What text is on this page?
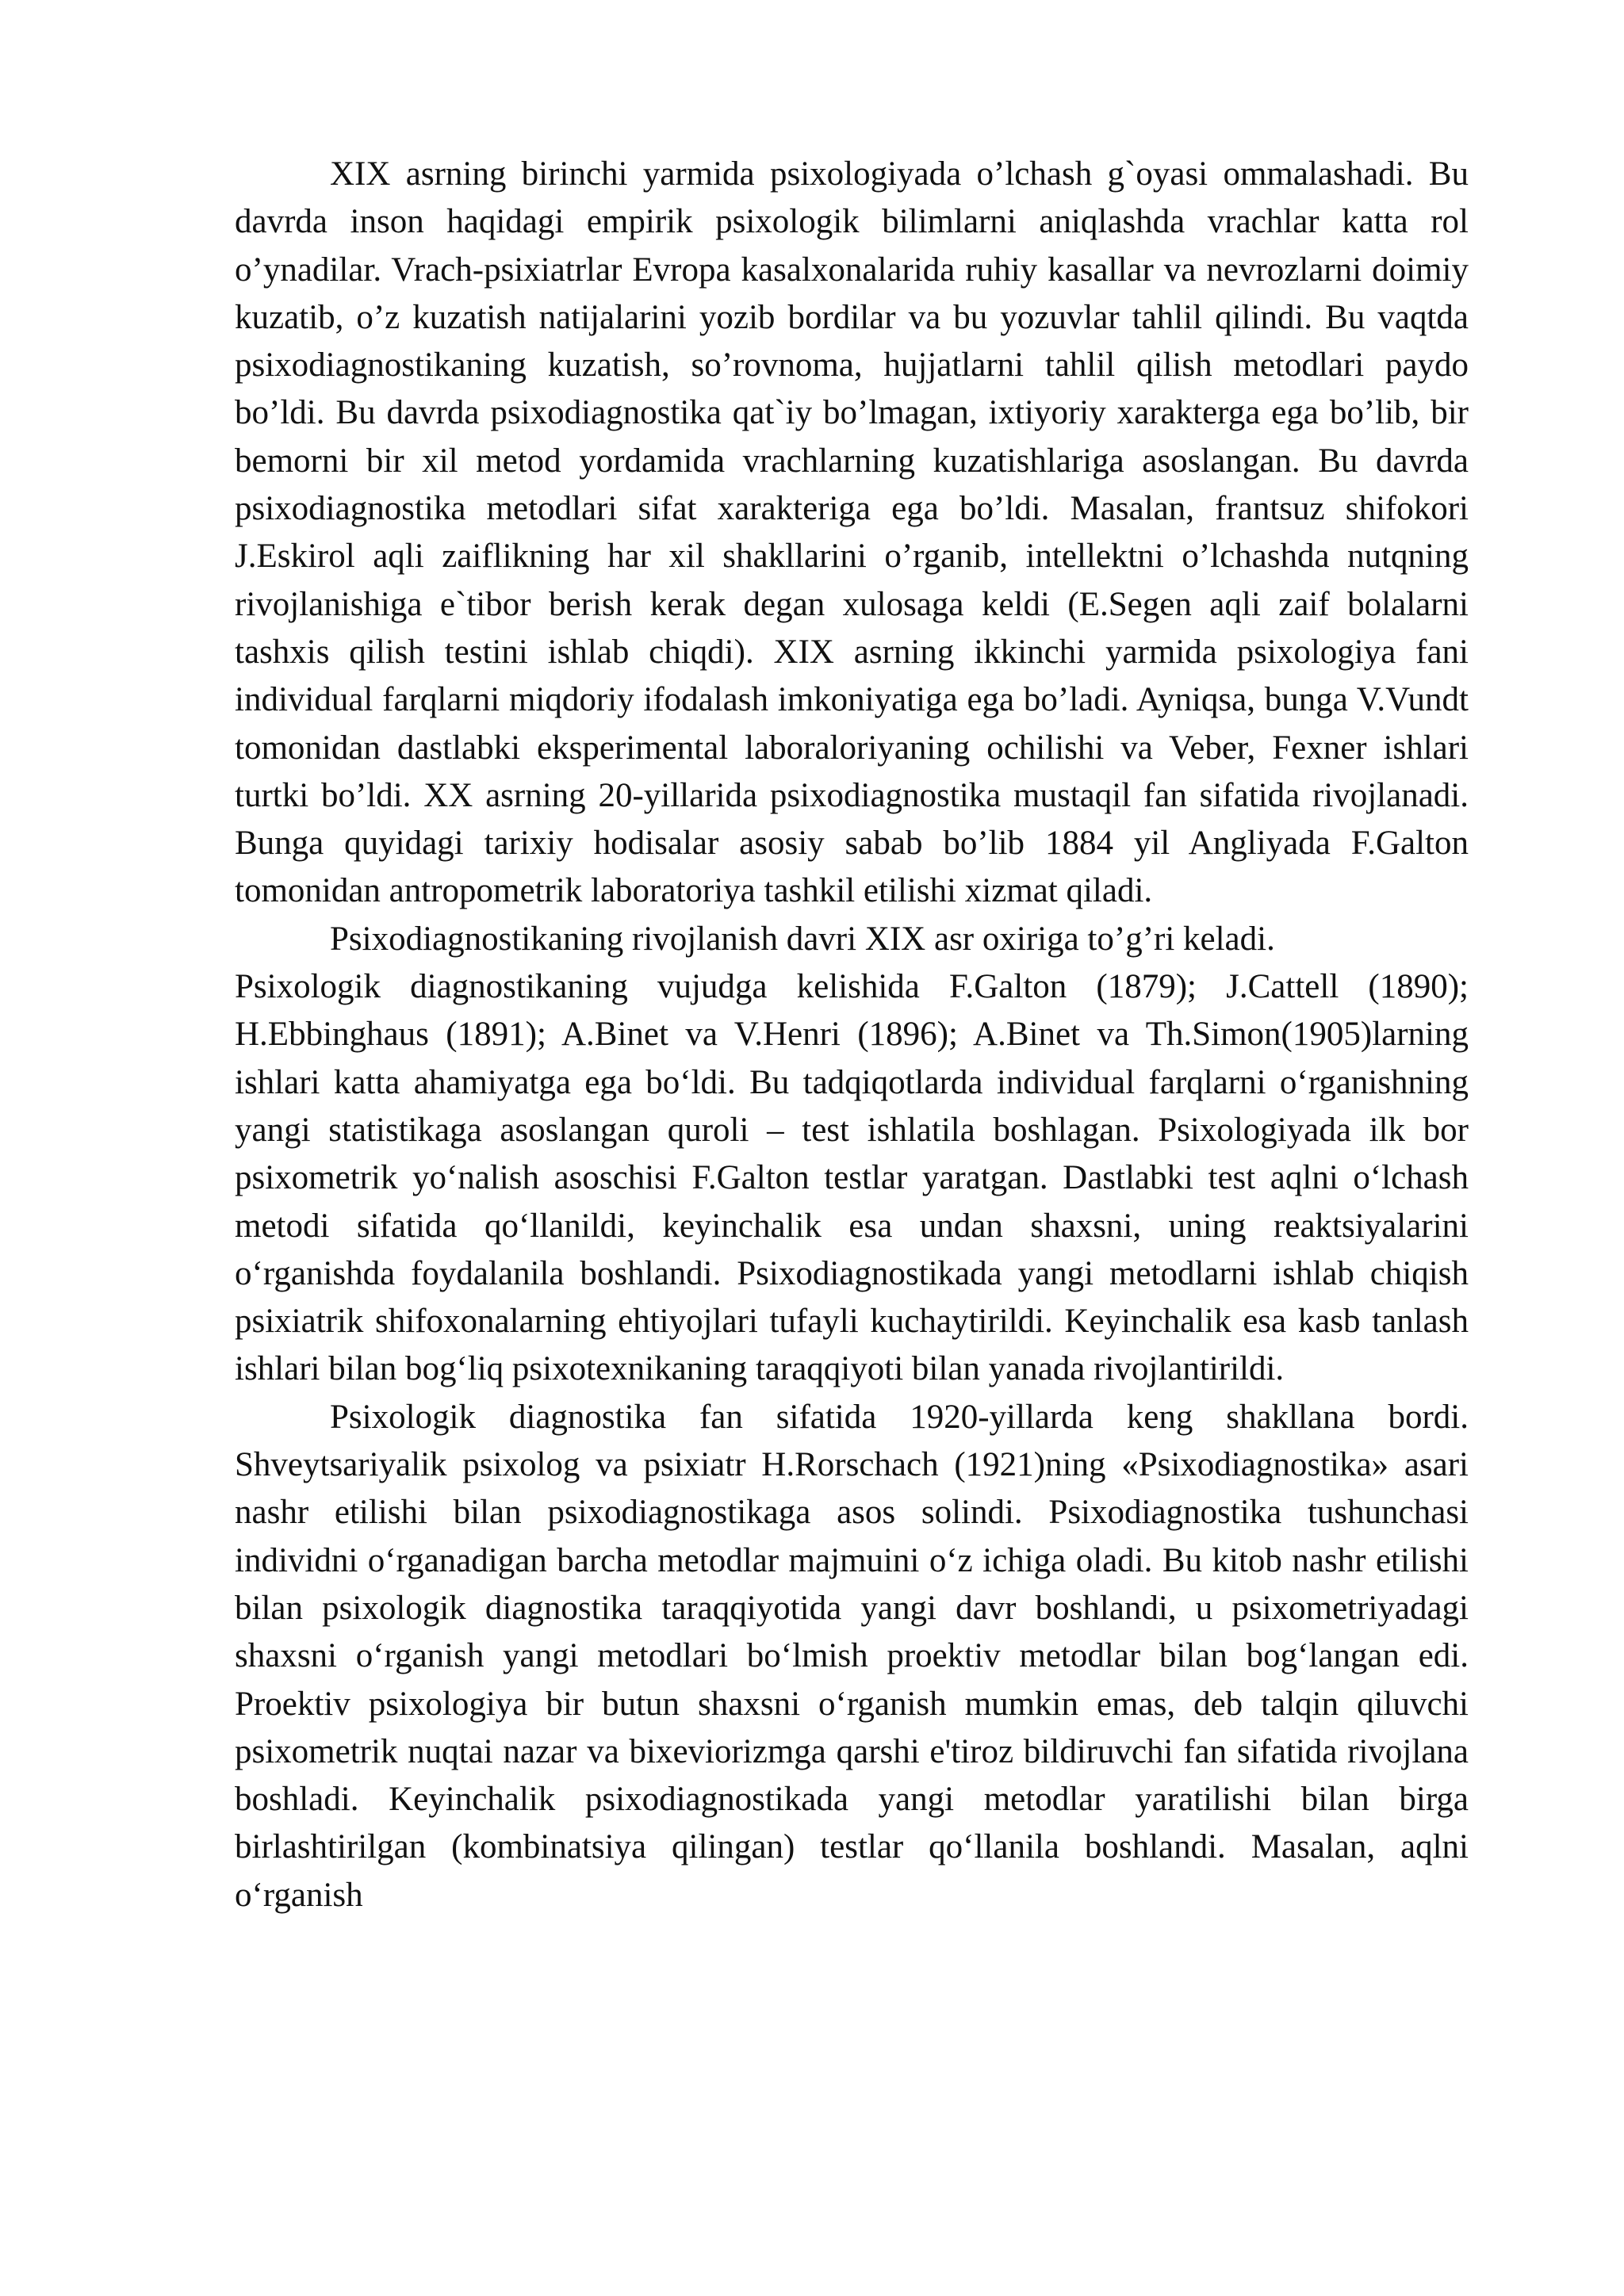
XIX asrning birinchi yarmida psixologiyada o’lchash g`oyasi ommalashadi. Bu davrda inson haqidagi empirik psixologik bilimlarni aniqlashda vrachlar katta rol o’ynadilar. Vrach-psixiatrlar Evropa kasalxonalarida ruhiy kasallar va nevrozlarni doimiy kuzatib, o’z kuzatish natijalarini yozib bordilar va bu yozuvlar tahlil qilindi. Bu vaqtda psixodiagnostikaning kuzatish, so’rovnoma, hujjatlarni tahlil qilish metodlari paydo bo’ldi. Bu davrda psixodiagnostika qat`iy bo’lmagan, ixtiyoriy xarakterga ega bo’lib, bir bemorni bir xil metod yordamida vrachlarning kuzatishlariga asoslangan. Bu davrda psixodiagnostika metodlari sifat xarakteriga ega bo’ldi. Masalan, frantsuz shifokori J.Eskirol aqli zaiflikning har xil shakllarini o’rganib, intellektni o’lchashda nutqning rivojlanishiga e`tibor berish kerak degan xulosaga keldi (E.Segen aqli zaif bolalarni tashxis qilish testini ishlab chiqdi). XIX asrning ikkinchi yarmida psixologiya fani individual farqlarni miqdoriy ifodalash imkoniyatiga ega bo’ladi. Ayniqsa, bunga V.Vundt tomonidan dastlabki eksperimental laboraloriyaning ochilishi va Veber, Fexner ishlari turtki bo’ldi. XX asrning 20-yillarida psixodiagnostika mustaqil fan sifatida rivojlanadi. Bunga quyidagi tarixiy hodisalar asosiy sabab bo’lib 1884 yil Angliyada F.Galton tomonidan antropometrik laboratoriya tashkil etilishi xizmat qiladi.

Psixodiagnostikaning rivojlanish davri XIX asr oxiriga to’g’ri keladi.

Psixologik diagnostikaning vujudga kelishida F.Galton (1879); J.Cattell (1890); H.Ebbinghaus (1891); A.Binet va V.Henri (1896); A.Binet va Th.Simon(1905)larning ishlari katta ahamiyatga ega bo‘ldi. Bu tadqiqotlarda individual farqlarni o‘rganishning yangi statistikaga asoslangan quroli – test ishlatila boshlagan. Psixologiyada ilk bor psixometrik yo‘nalish asoschisi F.Galton testlar yaratgan. Dastlabki test aqlni o‘lchash metodi sifatida qo‘llanildi, keyinchalik esa undan shaxsni, uning reaktsiyalarini o‘rganishda foydalanila boshlandi. Psixodiagnostikada yangi metodlarni ishlab chiqish psixiatrik shifoxonalarning ehtiyojlari tufayli kuchaytirildi. Keyinchalik esa kasb tanlash ishlari bilan bog‘liq psixotexnikaning taraqqiyoti bilan yanada rivojlantirildi.

Psixologik diagnostika fan sifatida 1920-yillarda keng shakllana bordi. Shveytsariyalik psixolog va psixiatr H.Rorschach (1921)ning «Psixodiagnostika» asari nashr etilishi bilan psixodiagnostikaga asos solindi. Psixodiagnostika tushunchasi individni o‘rganadigan barcha metodlar majmuini o‘z ichiga oladi. Bu kitob nashr etilishi bilan psixologik diagnostika taraqqiyotida yangi davr boshlandi, u psixometriyadagi shaxsni o‘rganish yangi metodlari bo‘lmish proektiv metodlar bilan bog‘langan edi. Proektiv psixologiya bir butun shaxsni o‘rganish mumkin emas, deb talqin qiluvchi psixometrik nuqtai nazar va bixeviorizmga qarshi e'tiroz bildiruvchi fan sifatida rivojlana boshladi. Keyinchalik psixodiagnostikada yangi metodlar yaratilishi bilan birga birlashtirilgan (kombinatsiya qilingan) testlar qo‘llanila boshlandi. Masalan, aqlni o‘rganish
